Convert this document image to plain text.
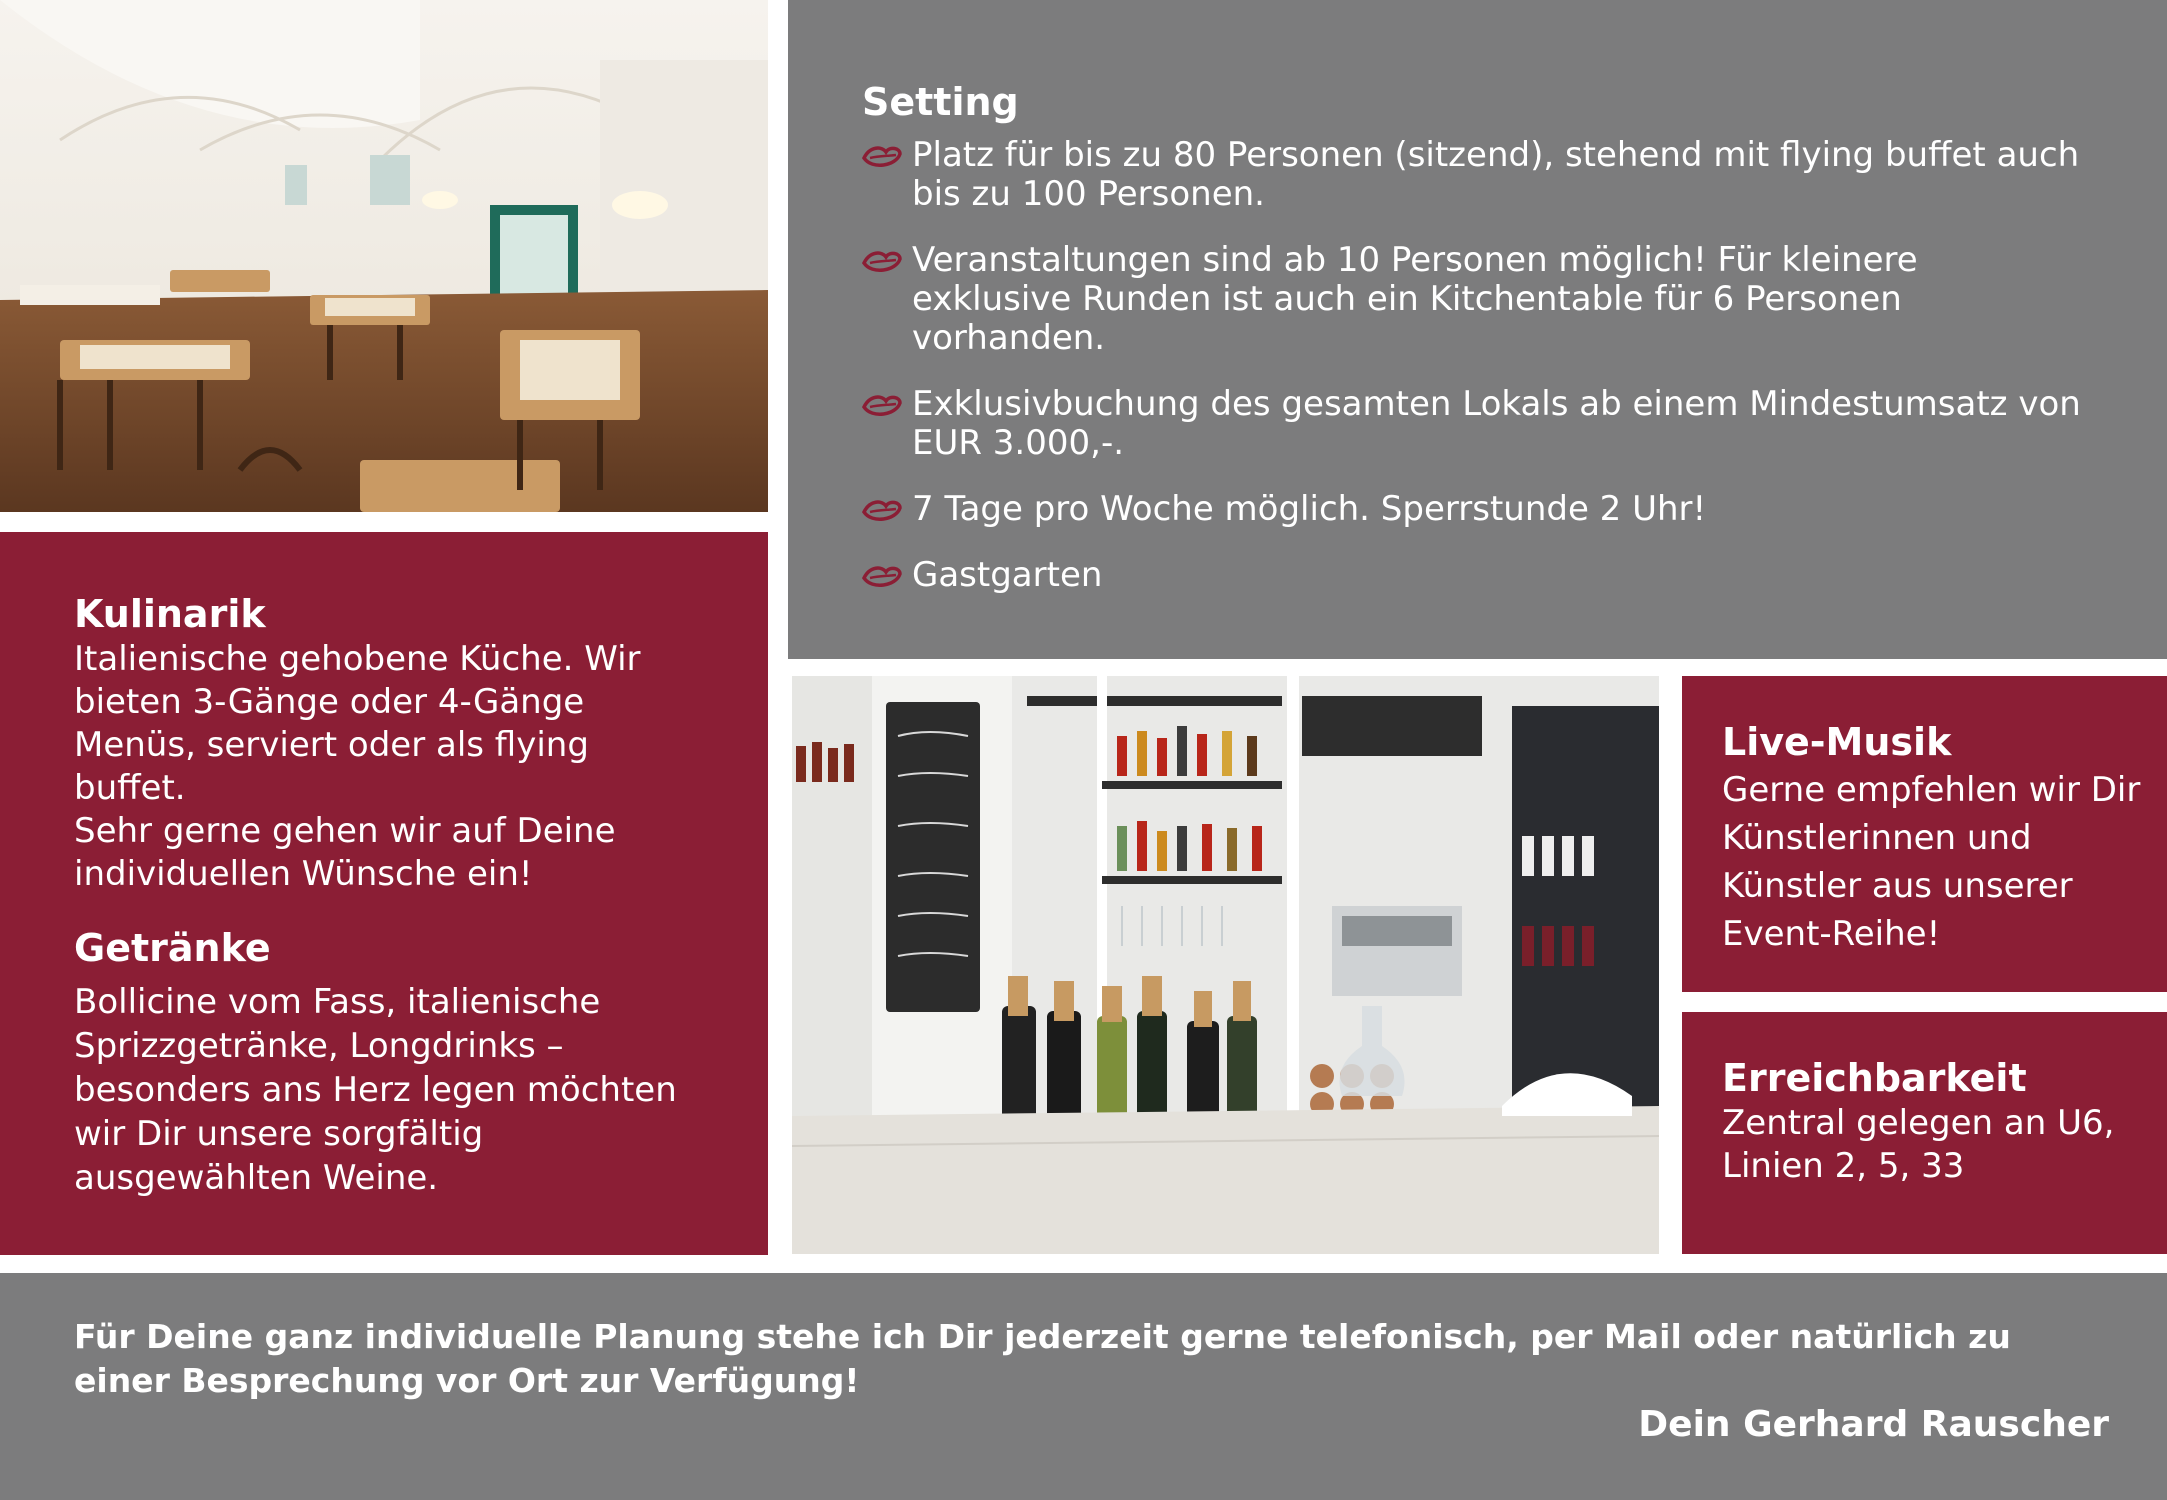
Setting
Platz für bis zu 80 Personen (sitzend), stehend mit flying buffet auch bis zu 100 Personen.
Veranstaltungen sind ab 10 Personen möglich! Für kleinere exklusive Runden ist auch ein Kitchentable für 6 Personen vorhanden.
Exklusivbuchung des gesamten Lokals ab einem Mindestumsatz von EUR 3.000,-.
7 Tage pro Woche möglich. Sperrstunde 2 Uhr!
Gastgarten
Kulinarik

Italienische gehobene Küche. Wir bieten 3-Gänge oder 4-Gänge Menüs, serviert oder als flying buffet.

Sehr gerne gehen wir auf Deine individuellen Wünsche ein!

Getränke

Bollicine vom Fass, italienische Sprizzgetränke, Longdrinks – besonders ans Herz legen möchten wir Dir unsere sorgfältig ausgewählten Weine.

Live-Musik

Gerne empfehlen wir Dir Künstlerinnen und Künstler aus unserer Event-Reihe!

Erreichbarkeit

Zentral gelegen an U6, Linien 2, 5, 33

Für Deine ganz individuelle Planung stehe ich Dir jederzeit gerne telefonisch, per Mail oder natürlich zu einer Besprechung vor Ort zur Verfügung!

Dein Gerhard Rauscher
